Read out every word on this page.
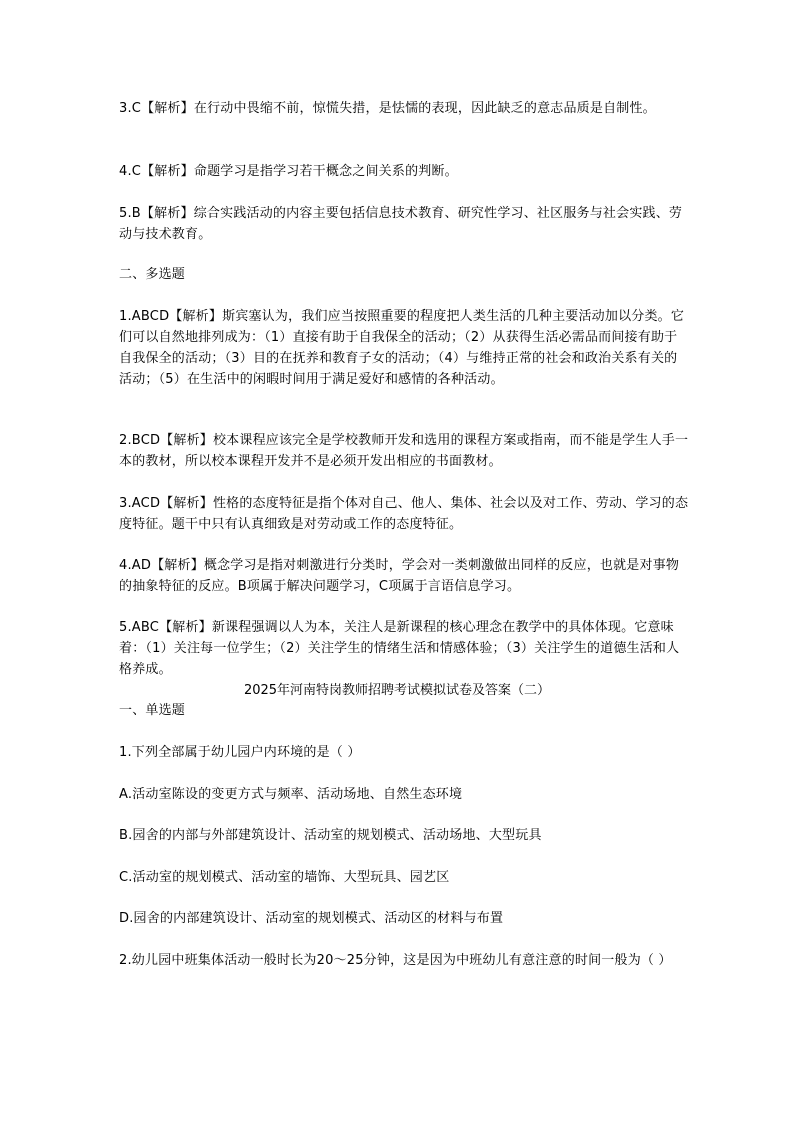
3.C【解析】在行动中畏缩不前，惊慌失措，是怯懦的表现，因此缺乏的意志品质是自制性。

4.C【解析】命题学习是指学习若干概念之间关系的判断。

5.B【解析】综合实践活动的内容主要包括信息技术教育、研究性学习、社区服务与社会实践、劳动与技术教育。

二、多选题

1.ABCD【解析】斯宾塞认为，我们应当按照重要的程度把人类生活的几种主要活动加以分类。它们可以自然地排列成为：（1）直接有助于自我保全的活动；（2）从获得生活必需品而间接有助于自我保全的活动；（3）目的在抚养和教育子女的活动；（4）与维持正常的社会和政治关系有关的活动；（5）在生活中的闲暇时间用于满足爱好和感情的各种活动。

2.BCD【解析】校本课程应该完全是学校教师开发和选用的课程方案或指南，而不能是学生人手一本的教材，所以校本课程开发并不是必须开发出相应的书面教材。

3.ACD【解析】性格的态度特征是指个体对自己、他人、集体、社会以及对工作、劳动、学习的态度特征。题干中只有认真细致是对劳动或工作的态度特征。

4.AD【解析】概念学习是指对刺激进行分类时，学会对一类刺激做出同样的反应，也就是对事物的抽象特征的反应。B项属于解决问题学习，C项属于言语信息学习。

5.ABC【解析】新课程强调以人为本，关注人是新课程的核心理念在教学中的具体体现。它意味着：（1）关注每一位学生；（2）关注学生的情绪生活和情感体验；（3）关注学生的道德生活和人格养成。

2025年河南特岗教师招聘考试模拟试卷及答案（二）

一、单选题

1.下列全部属于幼儿园户内环境的是（ ）

A.活动室陈设的变更方式与频率、活动场地、自然生态环境

B.园舍的内部与外部建筑设计、活动室的规划模式、活动场地、大型玩具

C.活动室的规划模式、活动室的墙饰、大型玩具、园艺区

D.园舍的内部建筑设计、活动室的规划模式、活动区的材料与布置

2.幼儿园中班集体活动一般时长为20～25分钟，这是因为中班幼儿有意注意的时间一般为（ ）
